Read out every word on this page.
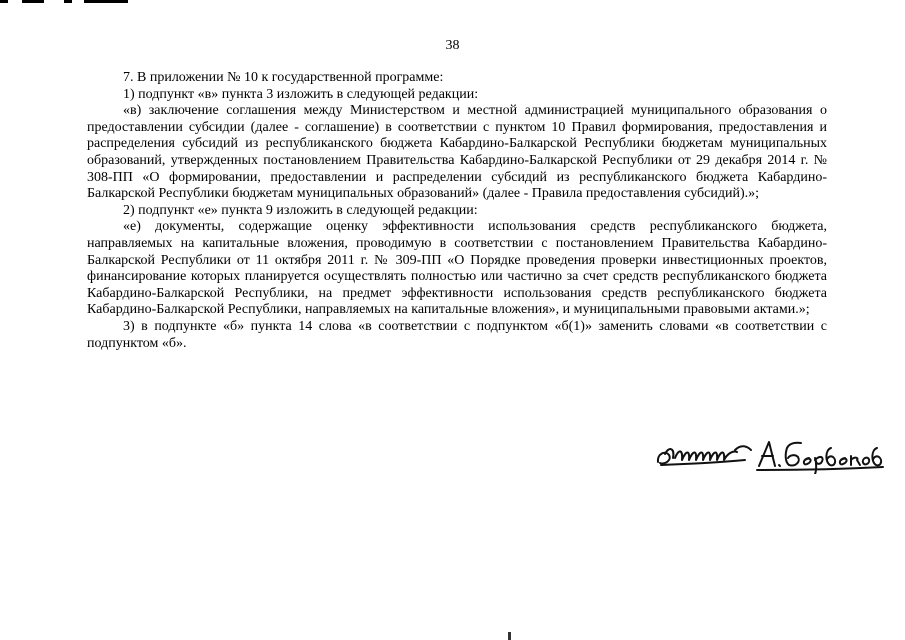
38

7. В приложении № 10 к государственной программе:

1) подпункт «в» пункта 3 изложить в следующей редакции:

«в) заключение соглашения между Министерством и местной администрацией муниципального образования о предоставлении субсидии (далее - соглашение) в соответствии с пунктом 10 Правил формирования, предоставления и распределения субсидий из республиканского бюджета Кабардино-Балкарской Республики бюджетам муниципальных образований, утвержденных постановлением Правительства Кабардино-Балкарской Республики от 29 декабря 2014 г. № 308-ПП «О формировании, предоставлении и распределении субсидий из республиканского бюджета Кабардино-Балкарской Республики бюджетам муниципальных образований» (далее - Правила предоставления субсидий).»;

2) подпункт «е» пункта 9 изложить в следующей редакции:

«е) документы, содержащие оценку эффективности использования средств республиканского бюджета, направляемых на капитальные вложения, проводимую в соответствии с постановлением Правительства Кабардино-Балкарской Республики от 11 октября 2011 г. № 309-ПП «О Порядке проведения проверки инвестиционных проектов, финансирование которых планируется осуществлять полностью или частично за счет средств республиканского бюджета Кабардино-Балкарской Республики, на предмет эффективности использования средств республиканского бюджета Кабардино-Балкарской Республики, направляемых на капитальные вложения», и муниципальными правовыми актами.»;

3) в подпункте «б» пункта 14 слова «в соответствии с подпунктом «б(1)» заменить словами «в соответствии с подпунктом «б».
